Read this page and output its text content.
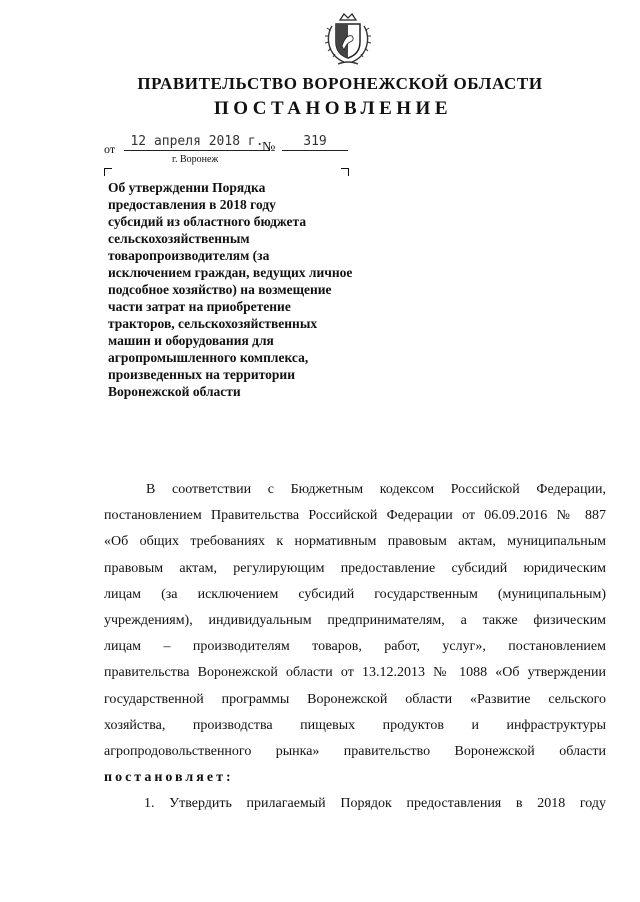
ПРАВИТЕЛЬСТВО ВОРОНЕЖСКОЙ ОБЛАСТИ
ПОСТАНОВЛЕНИЕ
от	12 апреля 2018 г.
№	319
г. Воронеж
Об утверждении Порядка
предоставления в 2018 году
субсидий из областного бюджета
сельскохозяйственным
товаропроизводителям (за
исключением граждан, ведущих личное
подсобное хозяйство) на возмещение
части затрат на приобретение
тракторов, сельскохозяйственных
машин и оборудования для
агропромышленного комплекса,
произведенных на территории
Воронежской области
В соответствии с Бюджетным кодексом Российской Федерации,
постановлением Правительства Российской Федерации от 06.09.2016 № 887
«Об общих требованиях к нормативным правовым актам, муниципальным
правовым актам, регулирующим предоставление субсидий юридическим
лицам (за исключением субсидий государственным (муниципальным)
учреждениям), индивидуальным предпринимателям, а также физическим
лицам – производителям товаров, работ, услуг», постановлением
правительства Воронежской области от 13.12.2013 № 1088 «Об утверждении
государственной программы Воронежской области «Развитие сельского
хозяйства, производства пищевых продуктов и инфраструктуры
агропродовольственного рынка» правительство Воронежской области
постановляет:
1. Утвердить прилагаемый Порядок предоставления в 2018 году
